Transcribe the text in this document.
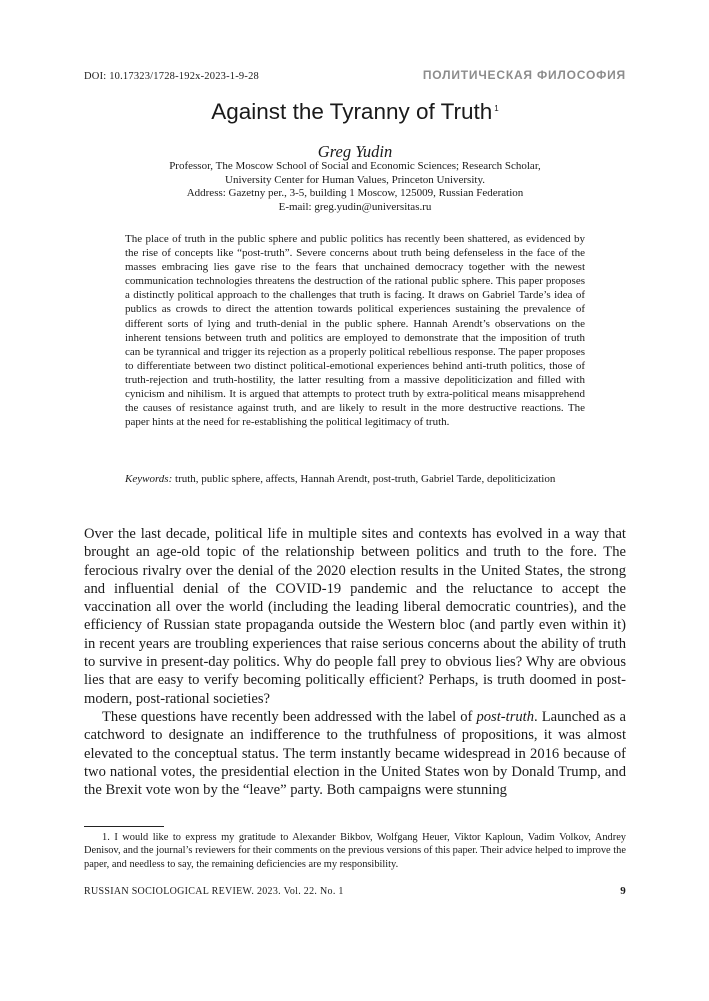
DOI: 10.17323/1728-192x-2023-1-9-28	ПОЛИТИЧЕСКАЯ ФИЛОСОФИЯ
Against the Tyranny of Truth $^1$
Greg Yudin
Professor, The Moscow School of Social and Economic Sciences; Research Scholar,
University Center for Human Values, Princeton University.
Address: Gazetny per., 3-5, building 1 Moscow, 125009, Russian Federation
E-mail: greg.yudin@universitas.ru
The place of truth in the public sphere and public politics has recently been shattered, as evidenced by the rise of concepts like “post-truth”. Severe concerns about truth being defenseless in the face of the masses embracing lies gave rise to the fears that unchained democracy together with the newest communication technologies threatens the destruction of the rational public sphere. This paper proposes a distinctly political approach to the challenges that truth is facing. It draws on Gabriel Tarde’s idea of publics as crowds to direct the attention towards political experiences sustaining the prevalence of different sorts of lying and truth-denial in the public sphere. Hannah Arendt’s observations on the inherent tensions between truth and politics are employed to demonstrate that the imposition of truth can be tyrannical and trigger its rejection as a properly political rebellious response. The paper proposes to differentiate between two distinct political-emotional experiences behind anti-truth politics, those of truth-rejection and truth-hostility, the latter resulting from a massive depoliticization and filled with cynicism and nihilism. It is argued that attempts to protect truth by extra-political means misapprehend the causes of resistance against truth, and are likely to result in the more destructive reactions. The paper hints at the need for re-establishing the political legitimacy of truth.
Keywords: truth, public sphere, affects, Hannah Arendt, post-truth, Gabriel Tarde, depoliticization

Over the last decade, political life in multiple sites and contexts has evolved in a way that brought an age-old topic of the relationship between politics and truth to the fore. The ferocious rivalry over the denial of the 2020 election results in the United States, the strong and influential denial of the COVID-19 pandemic and the reluctance to accept the vaccination all over the world (including the leading liberal democratic countries), and the efficiency of Russian state propaganda outside the Western bloc (and partly even within it) in recent years are troubling experiences that raise serious concerns about the ability of truth to survive in present-day politics. Why do people fall prey to obvious lies? Why are obvious lies that are easy to verify becoming politically efficient? Perhaps, is truth doomed in post-modern, post-rational societies?

These questions have recently been addressed with the label of post-truth. Launched as a catchword to designate an indifference to the truthfulness of propositions, it was almost elevated to the conceptual status. The term instantly became widespread in 2016 because of two national votes, the presidential election in the United States won by Donald Trump, and the Brexit vote won by the “leave” party. Both campaigns were stunning

1. I would like to express my gratitude to Alexander Bikbov, Wolfgang Heuer, Viktor Kaploun, Vadim Volkov, Andrey Denisov, and the journal’s reviewers for their comments on the previous versions of this paper. Their advice helped to improve the paper, and needless to say, the remaining deficiencies are my responsibility.
RUSSIAN SOCIOLOGICAL REVIEW. 2023. Vol. 22. No. 1	9
